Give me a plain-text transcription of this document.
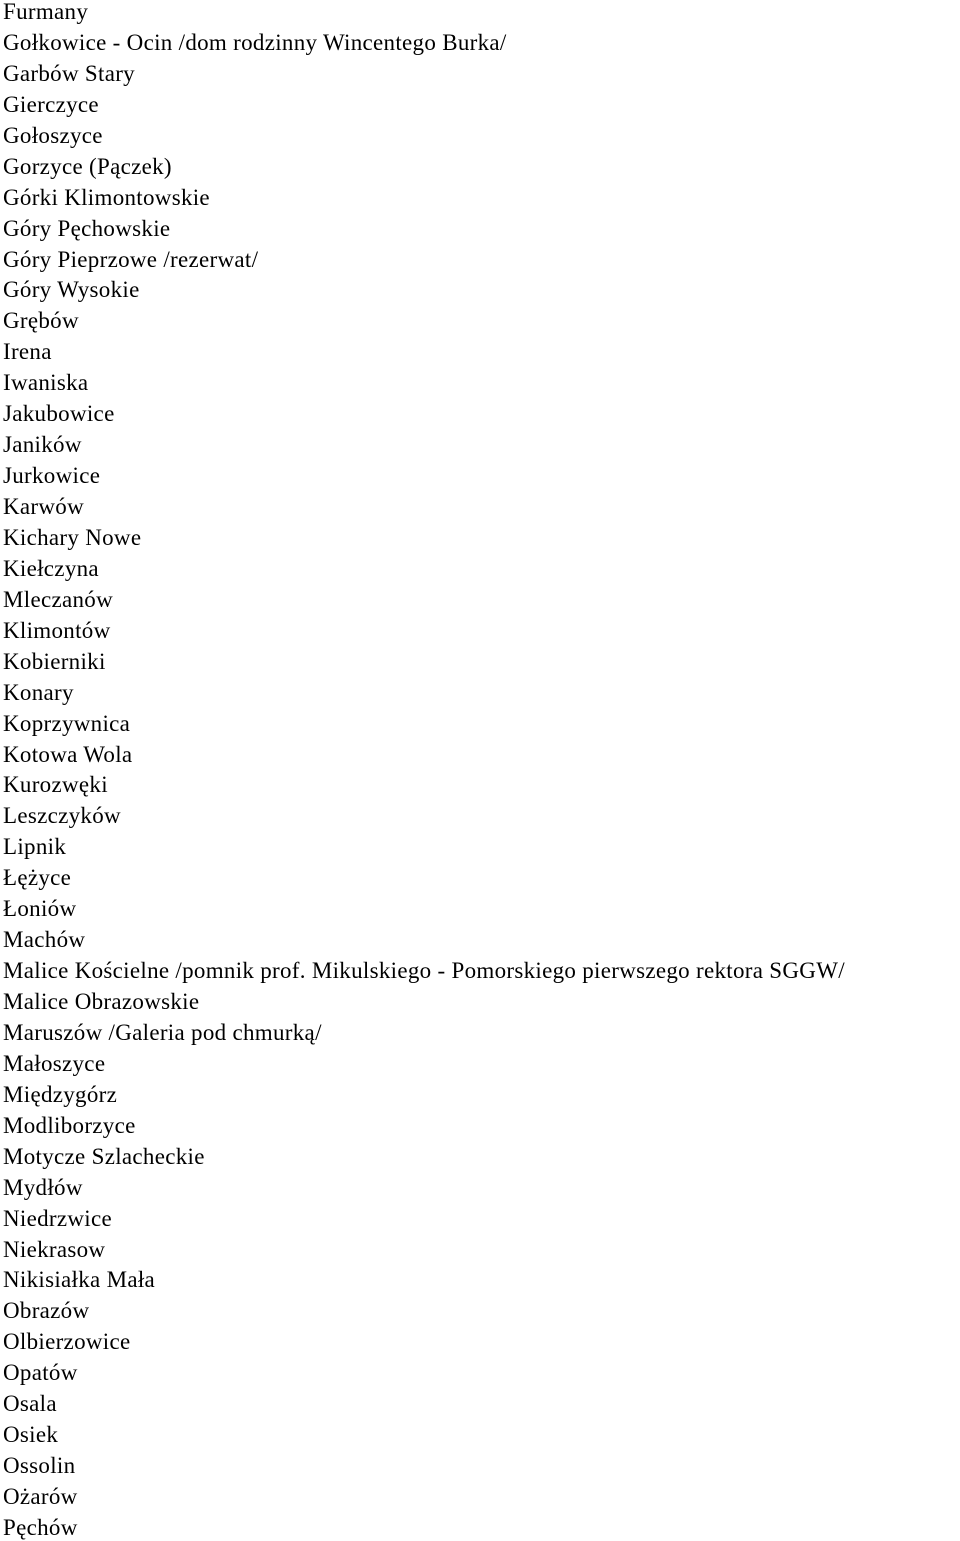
Furmany
Gołkowice - Ocin /dom rodzinny Wincentego Burka/
Garbów Stary
Gierczyce
Gołoszyce
Gorzyce (Pączek)
Górki Klimontowskie
Góry Pęchowskie
Góry Pieprzowe /rezerwat/
Góry Wysokie
Grębów
Irena
Iwaniska
Jakubowice
Janików
Jurkowice
Karwów
Kichary Nowe
Kiełczyna
Mleczanów
Klimontów
Kobierniki
Konary
Koprzywnica
Kotowa Wola
Kurozwęki
Leszczyków
Lipnik
Łężyce
Łoniów
Machów
Malice Kościelne /pomnik prof. Mikulskiego - Pomorskiego pierwszego rektora SGGW/
Malice Obrazowskie
Maruszów /Galeria pod chmurką/
Małoszyce
Międzygórz
Modliborzyce
Motycze Szlacheckie
Mydłów
Niedrzwice
Niekrasow
Nikisiałka Mała
Obrazów
Olbierzowice
Opatów
Osala
Osiek
Ossolin
Ożarów
Pęchów
